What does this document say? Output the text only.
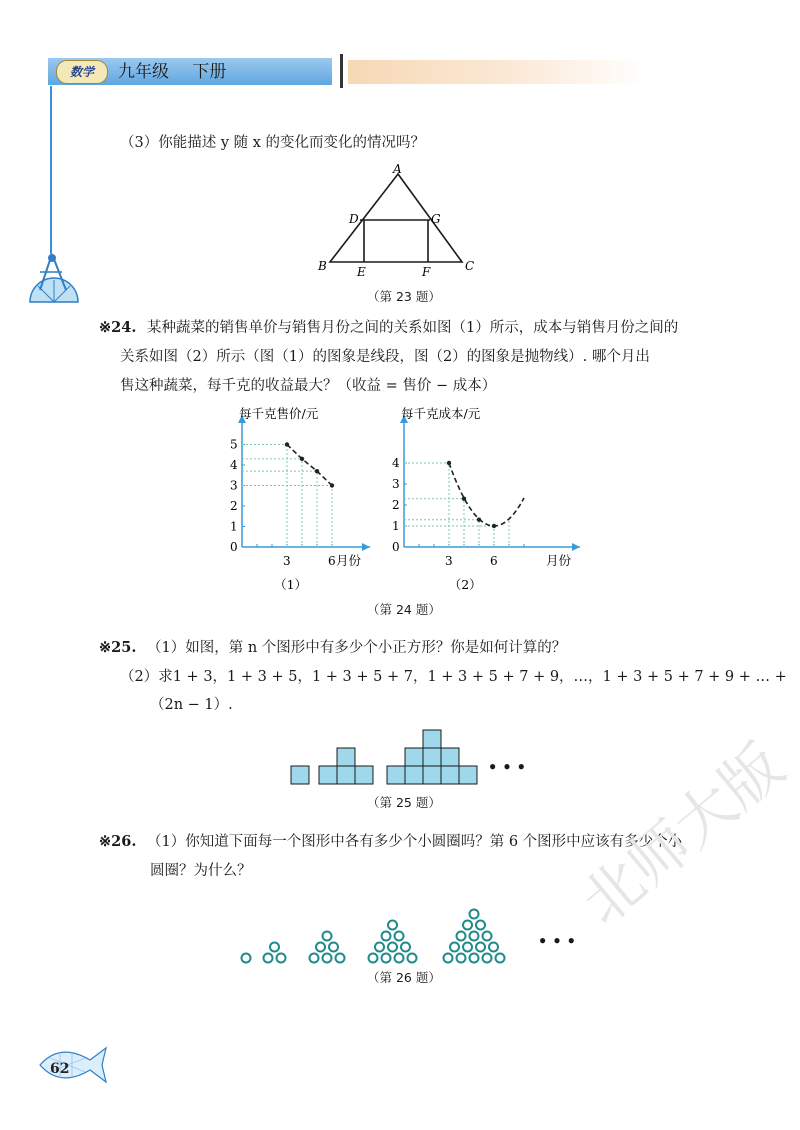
数学	九年级 下册
（3）你能描述 y 随 x 的变化而变化的情况吗？
A
B	C
D	G
E	F
（第 23 题）
※24. 某种蔬菜的销售单价与销售月份之间的关系如图（1）所示，成本与销售月份之间的
关系如图（2）所示（图（1）的图象是线段，图（2）的图象是抛物线）. 哪个月出
售这种蔬菜，每千克的收益最大？（收益 = 售价 − 成本）
每千克售价/元
月份
0
1
2
3
4
5
3	6
（1）
每千克成本/元
月份
0
1
2
3
4
3	6
（2）
（第 24 题）
※25. （1）如图，第 n 个图形中有多少个小正方形？你是如何计算的？
（2）求1 + 3，1 + 3 + 5，1 + 3 + 5 + 7，1 + 3 + 5 + 7 + 9，…，1 + 3 + 5 + 7 + 9 + … +
（2n − 1）.
• • •
（第 25 题）
※26. （1）你知道下面每一个图形中各有多少个小圆圈吗？第 6 个图形中应该有多少个小
圆圈？为什么？
• • •
（第 26 题）
北师大版
62
